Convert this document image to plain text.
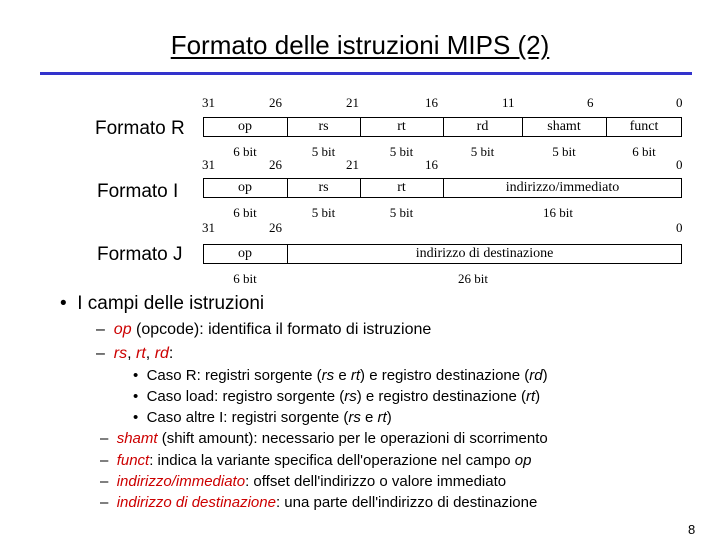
Formato delle istruzioni MIPS (2)
31	26	21	16	11	6	0
Formato R	op	rs	rt	rd	shamt	funct
6 bit	5 bit	5 bit	5 bit	5 bit	6 bit
31	26	21	16	0
Formato I	op	rs	rt	indirizzo/immediato
6 bit	5 bit	5 bit	16 bit
31	26	0
Formato J	op	indirizzo di destinazione
6 bit	26 bit
•  I campi delle istruzioni
–  op (opcode): identifica il formato di istruzione
–  rs, rt, rd:
•  Caso R: registri sorgente (rs e rt) e registro destinazione (rd)
•  Caso load: registro sorgente (rs) e registro destinazione (rt)
•  Caso altre I: registri sorgente (rs e rt)
–  shamt (shift amount): necessario per le operazioni di scorrimento
–  funct: indica la variante specifica dell'operazione nel campo op
–  indirizzo/immediato: offset dell'indirizzo o valore immediato
–  indirizzo di destinazione: una parte dell'indirizzo di destinazione
8
